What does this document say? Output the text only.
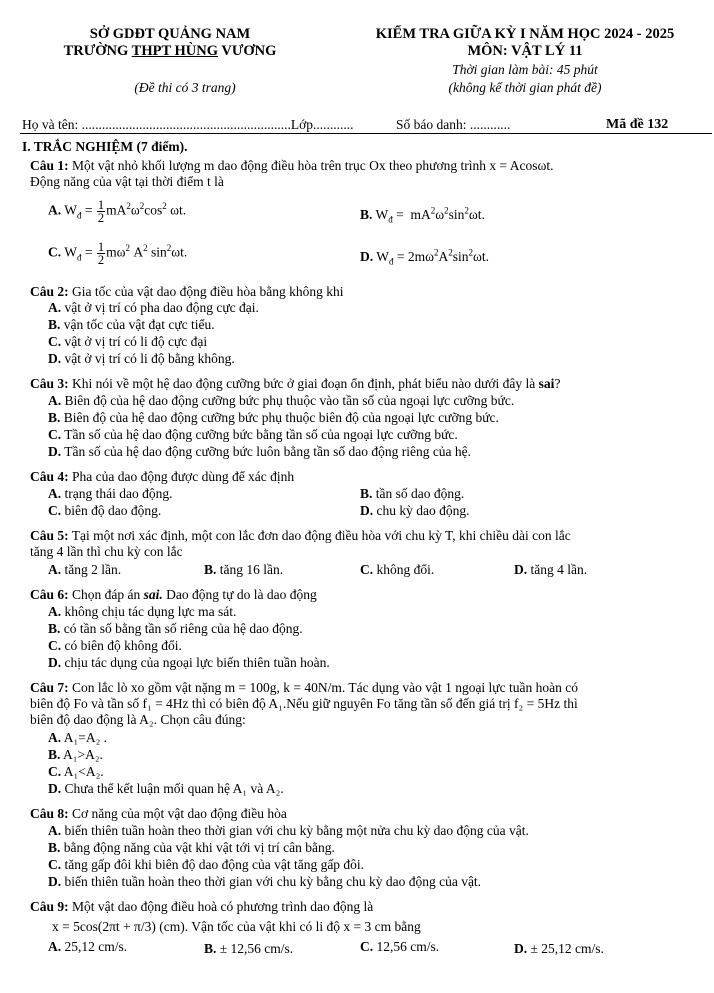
SỞ GDĐT QUẢNG NAM
TRƯỜNG THPT HÙNG VƯƠNG
KIỂM TRA GIỮA KỲ I NĂM HỌC 2024 - 2025
MÔN: VẬT LÝ 11
Thời gian làm bài: 45 phút
(Đề thi có 3 trang)	(không kể thời gian phát đề)
Họ và tên: ..............................................................Lớp............	Số báo danh: ............	Mã đề 132
I. TRẮC NGHIỆM (7 điểm).
Câu 1: Một vật nhỏ khối lượng m dao động điều hòa trên trục Ox theo phương trình x = Acosωt.
Động năng của vật tại thời điểm t là
A. $W_đ = \frac{1}{2} mA^2\omega^2\cos^2$ ωt.	B. $W_đ = mA^2\omega^2\sin^2\omega t$.
C. $W_đ = \frac{1}{2} m\omega^2$ $A^2$ $\sin^2\omega t$.	D. $W_đ = 2m\omega^2A^2\sin^2\omega t$.
Câu 2: Gia tốc của vật dao động điều hòa bằng không khi
A. vật ở vị trí có pha dao động cực đại.
B. vận tốc của vật đạt cực tiểu.
C. vật ở vị trí có li độ cực đại
D. vật ở vị trí có li độ bằng không.
Câu 3: Khi nói về một hệ dao động cưỡng bức ở giai đoạn ổn định, phát biểu nào dưới đây là sai?
A. Biên độ của hệ dao động cưỡng bức phụ thuộc vào tần số của ngoại lực cưỡng bức.
B. Biên độ của hệ dao động cưỡng bức phụ thuộc biên độ của ngoại lực cưỡng bức.
C. Tần số của hệ dao động cưỡng bức bằng tần số của ngoại lực cưỡng bức.
D. Tần số của hệ dao động cưỡng bức luôn bằng tần số dao động riêng của hệ.
Câu 4: Pha của dao động được dùng để xác định
A. trạng thái dao động.	B. tần số dao động.
C. biên độ dao động.	D. chu kỳ dao động.
Câu 5: Tại một nơi xác định, một con lắc đơn dao động điều hòa với chu kỳ T, khi chiều dài con lắc
tăng 4 lần thì chu kỳ con lắc
A. tăng 2 lần.	B. tăng 16 lần.	C. không đổi.	D. tăng 4 lần.
Câu 6: Chọn đáp án sai. Dao động tự do là dao động
A. không chịu tác dụng lực ma sát.
B. có tần số bằng tần số riêng của hệ dao động.
C. có biên độ không đổi.
D. chịu tác dụng của ngoại lực biến thiên tuần hoàn.
Câu 7: Con lắc lò xo gồm vật nặng m = 100g, k = 40N/m. Tác dụng vào vật 1 ngoại lực tuần hoàn có
biên độ Fo và tần số f₁ = 4Hz thì có biên độ A₁.Nếu giữ nguyên Fo tăng tần số đến giá trị f₂ = 5Hz thì
biên độ dao động là A₂. Chọn câu đúng:
A. A₁=A₂ .
B. A₁>A₂.
C. A₁<A₂.
D. Chưa thể kết luận mối quan hệ A₁ và A₂.
Câu 8: Cơ năng của một vật dao động điều hòa
A. biến thiên tuần hoàn theo thời gian với chu kỳ bằng một nửa chu kỳ dao động của vật.
B. bằng động năng của vật khi vật tới vị trí cân bằng.
C. tăng gấp đôi khi biên độ dao động của vật tăng gấp đôi.
D. biến thiên tuần hoàn theo thời gian với chu kỳ bằng chu kỳ dao động của vật.
Câu 9: Một vật dao động điều hoà có phương trình dao động là
x = 5cos(2πt + π/3) (cm). Vận tốc của vật khi có li độ x = 3 cm bằng
A. 25,12 cm/s.	B. ± 12,56 cm/s.	C. 12,56 cm/s.	D. ± 25,12 cm/s.
